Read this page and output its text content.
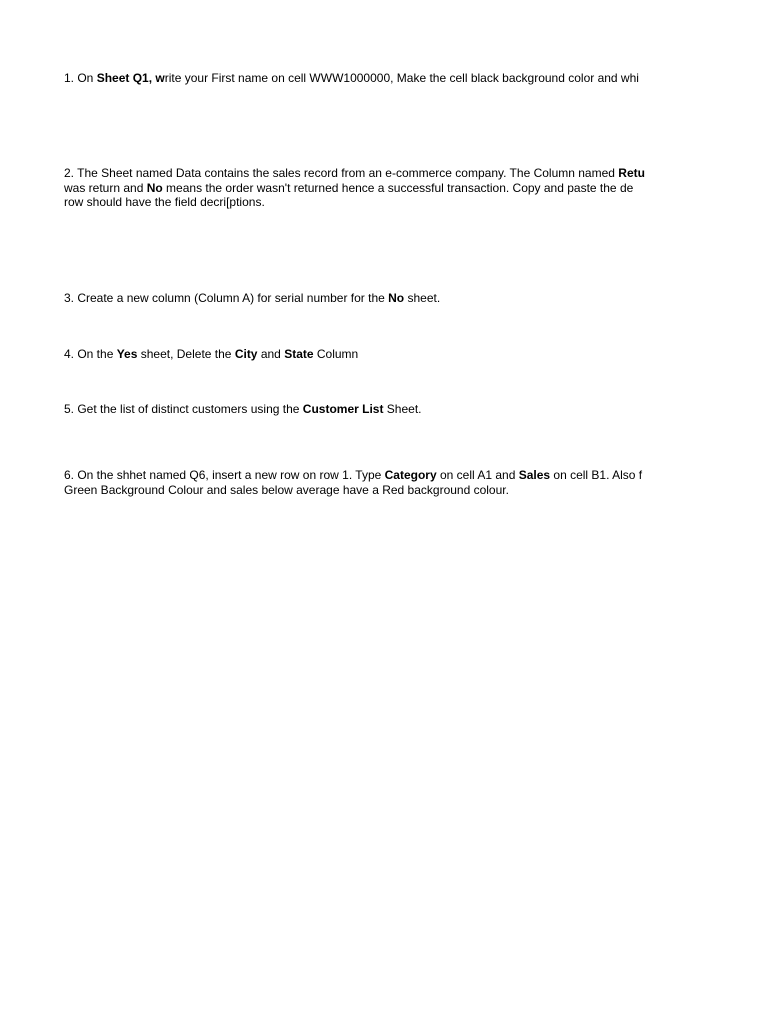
1. On Sheet Q1, write your First name on cell WWW1000000, Make the cell black background color and whi
2. The Sheet named Data contains the sales record from an e-commerce company. The Column named Retu
was return and No means the order wasn't returned hence a successful transaction. Copy and paste the de
row should have the field decri[ptions.
3. Create a new column (Column A) for serial number for the No sheet.
4. On the Yes sheet, Delete the City and State Column
5. Get the list of distinct customers using the Customer List Sheet.
6. On the shhet named Q6, insert a new row on row 1. Type Category on cell A1 and Sales on cell B1. Also f
Green Background Colour and sales below average have a Red background colour.
